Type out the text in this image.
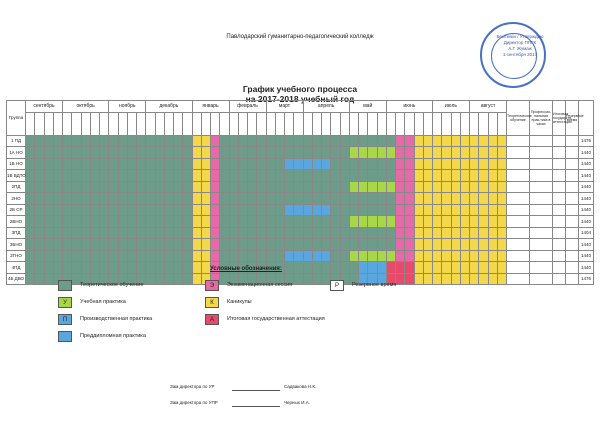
Павлодарский гуманитарно-педагогический колледж	Бекітемін / Утверждаю
Директор ППГК
А.Г. Жумаж
1 сентября 2017
График учебного процесса
на 2017-2018 учебный год
Группа	сентябрь				октябрь					ноябрь				декабрь					январь				февраль				март				апрель					май				июнь					июль				август				Теоретическое обучение	Профессио-нальная прак-тика в часах	Итоговая государств. аттестация	Резервное время	

1 ПД																																																									1476
1А НО																																																									1440
1Б НО																																																									1440
1В ВДТО																																																									1440
2ПД																																																									1440
2НО																																																									1440
2Б СР																																																									1440
2ВНО																																																									1440
3ПД																																																									1404
3БНО																																																									1440
3ГНО																																																									1440
4ПД																																																									1440
4Б ДВО																																																									1476
Условные обозначения:
Теоретическое обучение	Э	Экзаменационная сессия	Р	Резервное время
У	Учебная практика	К	Каникулы
П	Производственная практика	А	Итоговая государственная аттестация
Преддипломная практика
Зам.директора по УР	Садвакова Н.К.
Зам.директора по УПР	Черных И.А.
